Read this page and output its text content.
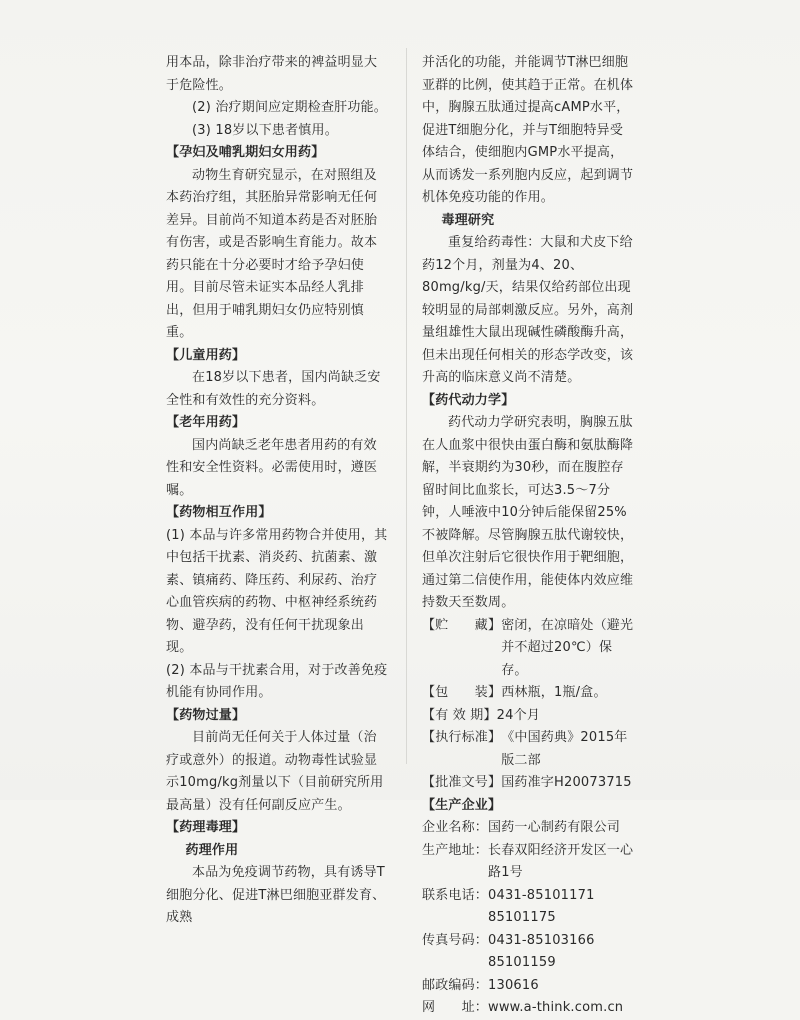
用本品，除非治疗带来的裨益明显大于危险性。

(2) 治疗期间应定期检查肝功能。

(3) 18岁以下患者慎用。

【孕妇及哺乳期妇女用药】

动物生育研究显示，在对照组及本药治疗组，其胚胎异常影响无任何差异。目前尚不知道本药是否对胚胎有伤害，或是否影响生育能力。故本药只能在十分必要时才给予孕妇使用。目前尽管未证实本品经人乳排出，但用于哺乳期妇女仍应特别慎重。

【儿童用药】

在18岁以下患者，国内尚缺乏安全性和有效性的充分资料。

【老年用药】

国内尚缺乏老年患者用药的有效性和安全性资料。必需使用时，遵医嘱。

【药物相互作用】

(1) 本品与许多常用药物合并使用，其中包括干扰素、消炎药、抗菌素、激素、镇痛药、降压药、利尿药、治疗心血管疾病的药物、中枢神经系统药物、避孕药，没有任何干扰现象出现。

(2) 本品与干扰素合用，对于改善免疫机能有协同作用。

【药物过量】

目前尚无任何关于人体过量（治疗或意外）的报道。动物毒性试验显示10mg/kg剂量以下（目前研究所用最高量）没有任何副反应产生。

【药理毒理】

药理作用

本品为免疫调节药物，具有诱导T细胞分化、促进T淋巴细胞亚群发育、成熟

并活化的功能，并能调节T淋巴细胞亚群的比例，使其趋于正常。在机体中，胸腺五肽通过提高cAMP水平，促进T细胞分化，并与T细胞特异受体结合，使细胞内GMP水平提高，从而诱发一系列胞内反应，起到调节机体免疫功能的作用。

毒理研究

重复给药毒性：大鼠和犬皮下给药12个月，剂量为4、20、80mg/kg/天，结果仅给药部位出现较明显的局部刺激反应。另外，高剂量组雄性大鼠出现碱性磷酸酶升高，但未出现任何相关的形态学改变，该升高的临床意义尚不清楚。

【药代动力学】

药代动力学研究表明，胸腺五肽在人血浆中很快由蛋白酶和氨肽酶降解，半衰期约为30秒，而在腹腔存留时间比血浆长，可达3.5～7分钟，人唾液中10分钟后能保留25%不被降解。尽管胸腺五肽代谢较快，但单次注射后它很快作用于靶细胞，通过第二信使作用，能使体内效应维持数天至数周。

【贮　　藏】 密闭，在凉暗处（避光并不超过20℃）保存。
【包　　装】 西林瓶，1瓶/盒。
【有 效 期】 24个月
【执行标准】 《中国药典》2015年版二部
【批准文号】 国药准字H20073715

【生产企业】

企业名称： 国药一心制药有限公司
生产地址： 长春双阳经济开发区一心路1号
联系电话： 0431-85101171　85101175
传真号码： 0431-85103166　85101159
邮政编码： 130616
网　　址： www.a-think.com.cn
